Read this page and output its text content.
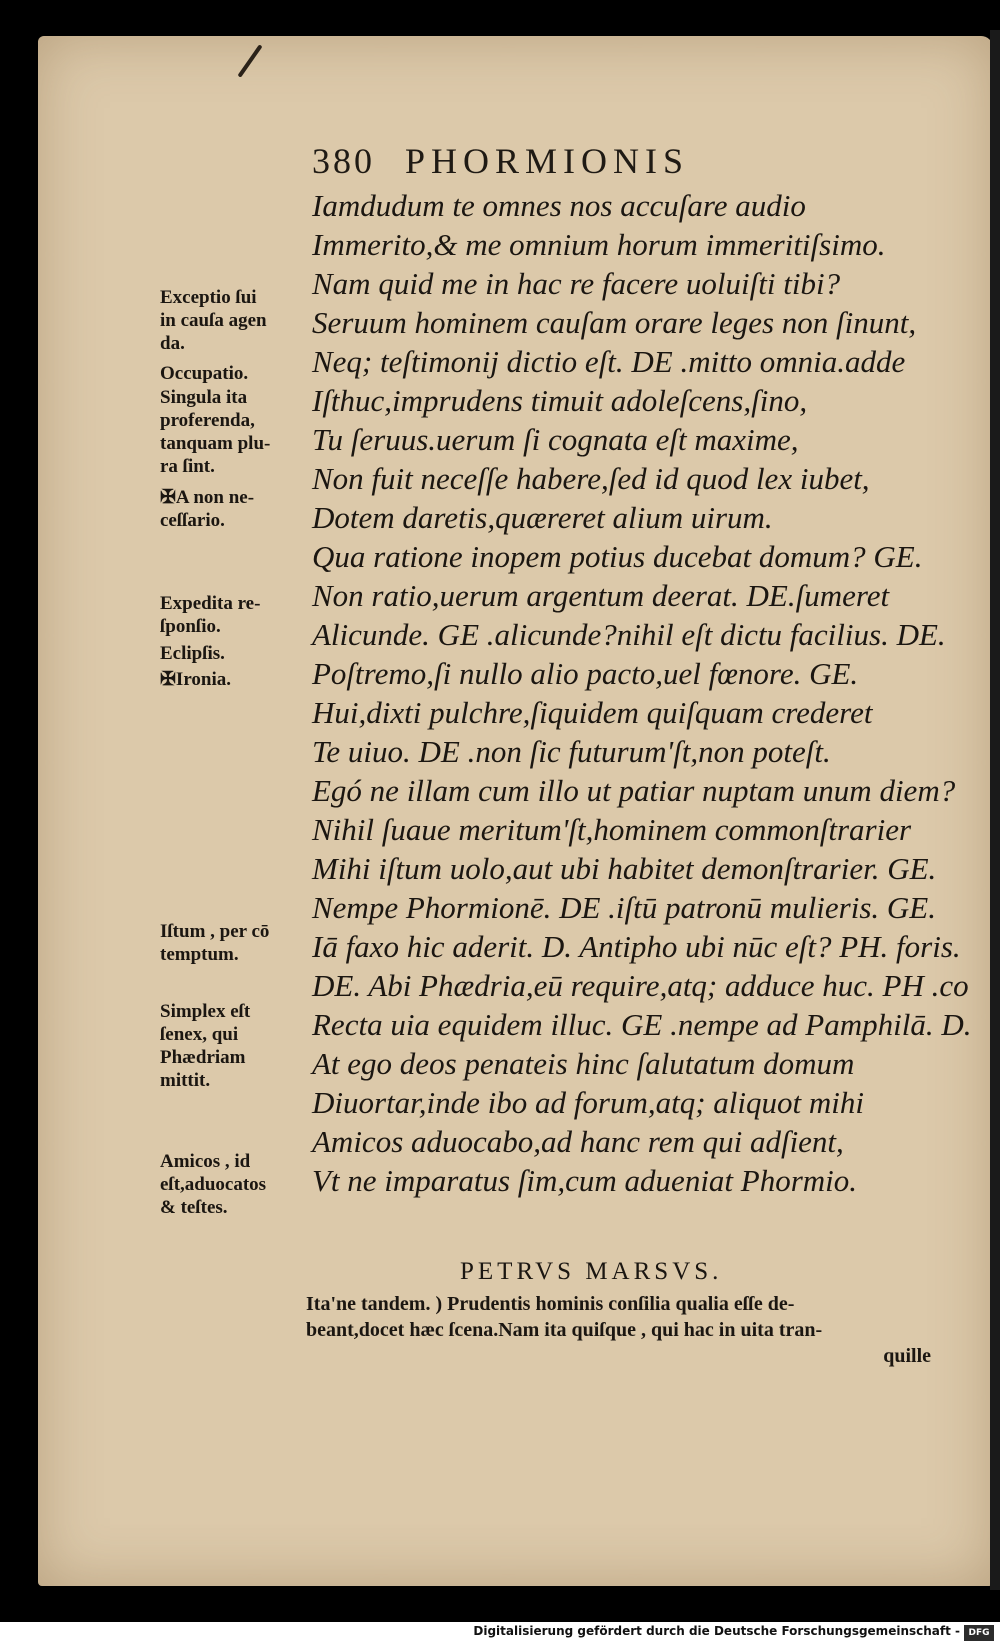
380 PHORMIONIS
Iamdudum te omnes nos accuſare audio
Immerito,& me omnium horum immeritiſsimo.
Nam quid me in hac re facere uoluiſti tibi?
Seruum hominem cauſam orare leges non ſinunt,
Neq; teſtimonij dictio eſt. DE .mitto omnia.adde
Iſthuc,imprudens timuit adoleſcens,ſino,
Tu ſeruus.uerum ſi cognata eſt maxime,
Non fuit neceſſe habere,ſed id quod lex iubet,
Dotem daretis,quæreret alium uirum.
Qua ratione inopem potius ducebat domum? GE.
Non ratio,uerum argentum deerat. DE.ſumeret
Alicunde. GE .alicunde?nihil eſt dictu facilius. DE.
Poſtremo,ſi nullo alio pacto,uel fœnore. GE.
Hui,dixti pulchre,ſiquidem quiſquam crederet
Te uiuo. DE .non ſic futurum'ſt,non poteſt.
Egó ne illam cum illo ut patiar nuptam unum diem?
Nihil ſuaue meritum'ſt,hominem commonſtrarier
Mihi iſtum uolo,aut ubi habitet demonſtrarier. GE.
Nempe Phormionē. DE .iſtū patronū mulieris. GE.
Iā faxo hic aderit. D. Antipho ubi nūc eſt? PH. foris.
DE. Abi Phædria,eū require,atq; adduce huc. PH .co
Recta uia equidem illuc. GE .nempe ad Pamphilā. D.
At ego deos penateis hinc ſalutatum domum
Diuortar,inde ibo ad forum,atq; aliquot mihi
Amicos aduocabo,ad hanc rem qui adſient,
Vt ne imparatus ſim,cum adueniat Phormio.
Exceptio ſui
in cauſa agen
da.
Occupatio.
Singula ita
proferenda,
tanquam plu-
ra ſint.
✠A non ne-
ceſſario.
Expedita re-
ſponſio.
Eclipſis.
✠Ironia.
Iſtum , per cō
temptum.
Simplex eſt
ſenex, qui
Phædriam
mittit.
Amicos , id
eſt,aduocatos
& teſtes.
PETRVS MARSVS.
Ita'ne tandem. ) Prudentis hominis conſilia qualia eſſe de-
beant,docet hæc ſcena.Nam ita quiſque , qui hac in uita tran-
quille
Digitalisierung gefördert durch die Deutsche Forschungsgemeinschaft - DFG
